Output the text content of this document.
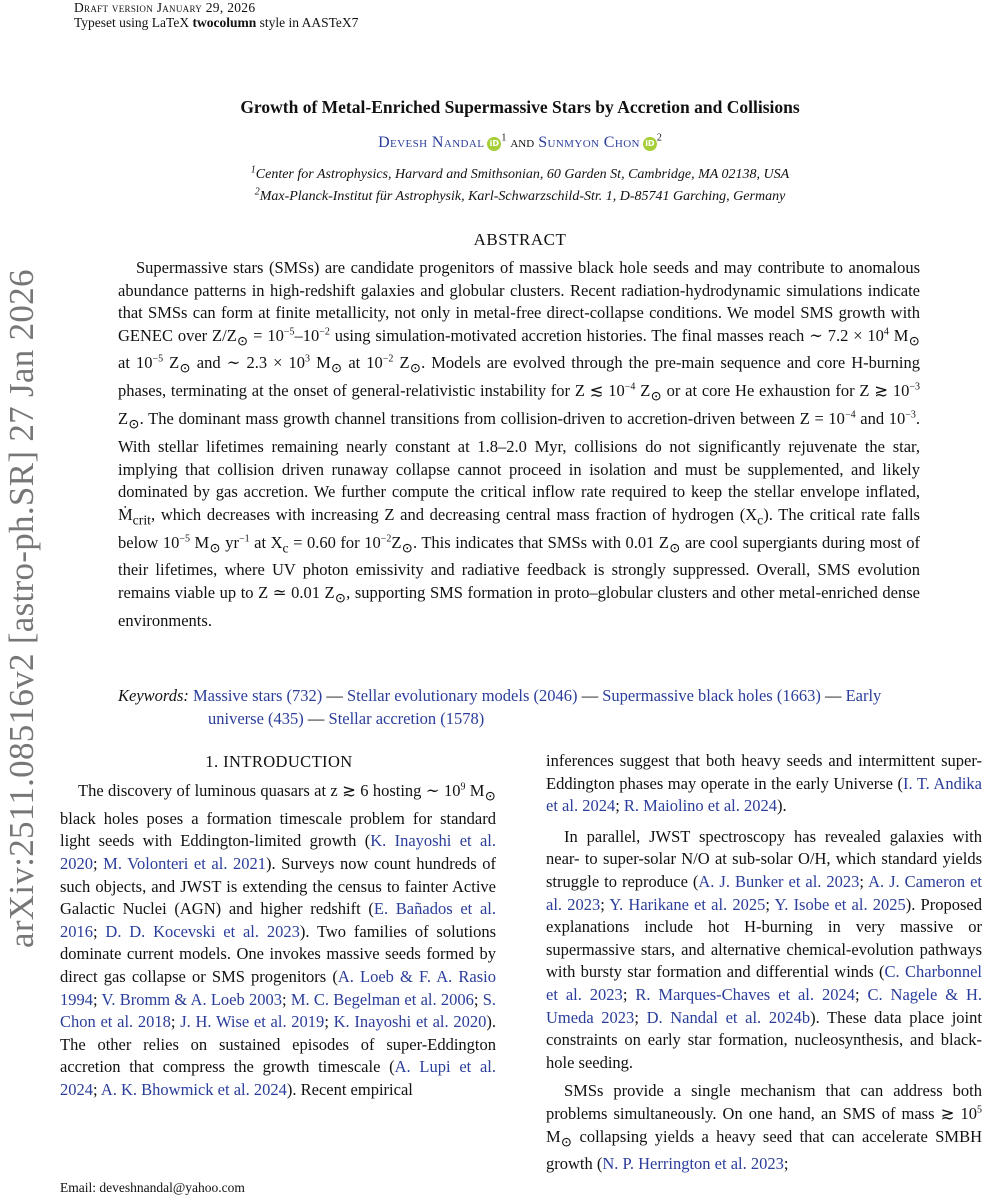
Draft version January 29, 2026
Typeset using LaTeX twocolumn style in AASTeX7
arXiv:2511.08516v2 [astro-ph.SR] 27 Jan 2026
Growth of Metal-Enriched Supermassive Stars by Accretion and Collisions
Devesh Nandal iD $^1$ and Sunmyon Chon iD $^2$
$^1$Center for Astrophysics, Harvard and Smithsonian, 60 Garden St, Cambridge, MA 02138, USA
$^2$Max-Planck-Institut für Astrophysik, Karl-Schwarzschild-Str. 1, D-85741 Garching, Germany
ABSTRACT
Supermassive stars (SMSs) are candidate progenitors of massive black hole seeds and may contribute to anomalous abundance patterns in high-redshift galaxies and globular clusters. Recent radiation-hydrodynamic simulations indicate that SMSs can form at finite metallicity, not only in metal-free direct-collapse conditions. We model SMS growth with GENEC over $Z/Z_⊙ = 10^{-5}-10^{-2}$ using simulation-motivated accretion histories. The final masses reach ∼ $7.2 \times 10^4$ $M_⊙$ at $10^{-5}$ $Z_⊙$ and ∼ $2.3 \times 10^3$ $M_⊙$ at $10^{-2}$ $Z_⊙$. Models are evolved through the pre-main sequence and core H-burning phases, terminating at the onset of general-relativistic instability for Z ≲ $10^{-4}$ $Z_⊙$ or at core He exhaustion for Z ≳ $10^{-3}$ $Z_⊙$. The dominant mass growth channel transitions from collision-driven to accretion-driven between $Z = 10^{-4}$ and $10^{-3}$. With stellar lifetimes remaining nearly constant at 1.8–2.0 Myr, collisions do not significantly rejuvenate the star, implying that collision driven runaway collapse cannot proceed in isolation and must be supplemented, and likely dominated by gas accretion. We further compute the critical inflow rate required to keep the stellar envelope inflated, Ṁ$_{crit}$, which decreases with increasing Z and decreasing central mass fraction of hydrogen $(X_c)$. The critical rate falls below $10^{-5}$ $M_⊙$ $yr^{-1}$ at $X_c = 0.60$ for $10^{-2}Z_⊙$. This indicates that SMSs with 0.01 $Z_⊙$ are cool supergiants during most of their lifetimes, where UV photon emissivity and radiative feedback is strongly suppressed. Overall, SMS evolution remains viable up to Z ≃ 0.01 $Z_⊙$, supporting SMS formation in proto–globular clusters and other metal-enriched dense environments.
Keywords: Massive stars (732) — Stellar evolutionary models (2046) — Supermassive black holes (1663) — Early universe (435) — Stellar accretion (1578)
1. INTRODUCTION

The discovery of luminous quasars at z ≳ 6 hosting ∼ $10^9$ $M_⊙$ black holes poses a formation timescale problem for standard light seeds with Eddington-limited growth (K. Inayoshi et al. 2020; M. Volonteri et al. 2021). Surveys now count hundreds of such objects, and JWST is extending the census to fainter Active Galactic Nuclei (AGN) and higher redshift (E. Bañados et al. 2016; D. D. Kocevski et al. 2023). Two families of solutions dominate current models. One invokes massive seeds formed by direct gas collapse or SMS progenitors (A. Loeb & F. A. Rasio 1994; V. Bromm & A. Loeb 2003; M. C. Begelman et al. 2006; S. Chon et al. 2018; J. H. Wise et al. 2019; K. Inayoshi et al. 2020). The other relies on sustained episodes of super-Eddington accretion that compress the growth timescale (A. Lupi et al. 2024; A. K. Bhowmick et al. 2024). Recent empirical

inferences suggest that both heavy seeds and intermittent super-Eddington phases may operate in the early Universe (I. T. Andika et al. 2024; R. Maiolino et al. 2024).

In parallel, JWST spectroscopy has revealed galaxies with near- to super-solar N/O at sub-solar O/H, which standard yields struggle to reproduce (A. J. Bunker et al. 2023; A. J. Cameron et al. 2023; Y. Harikane et al. 2025; Y. Isobe et al. 2025). Proposed explanations include hot H-burning in very massive or supermassive stars, and alternative chemical-evolution pathways with bursty star formation and differential winds (C. Charbonnel et al. 2023; R. Marques-Chaves et al. 2024; C. Nagele & H. Umeda 2023; D. Nandal et al. 2024b). These data place joint constraints on early star formation, nucleosynthesis, and black-hole seeding.

SMSs provide a single mechanism that can address both problems simultaneously. On one hand, an SMS of mass ≳ $10^5$ $M_⊙$ collapsing yields a heavy seed that can accelerate SMBH growth (N. P. Herrington et al. 2023;

Email: deveshnandal@yahoo.com
